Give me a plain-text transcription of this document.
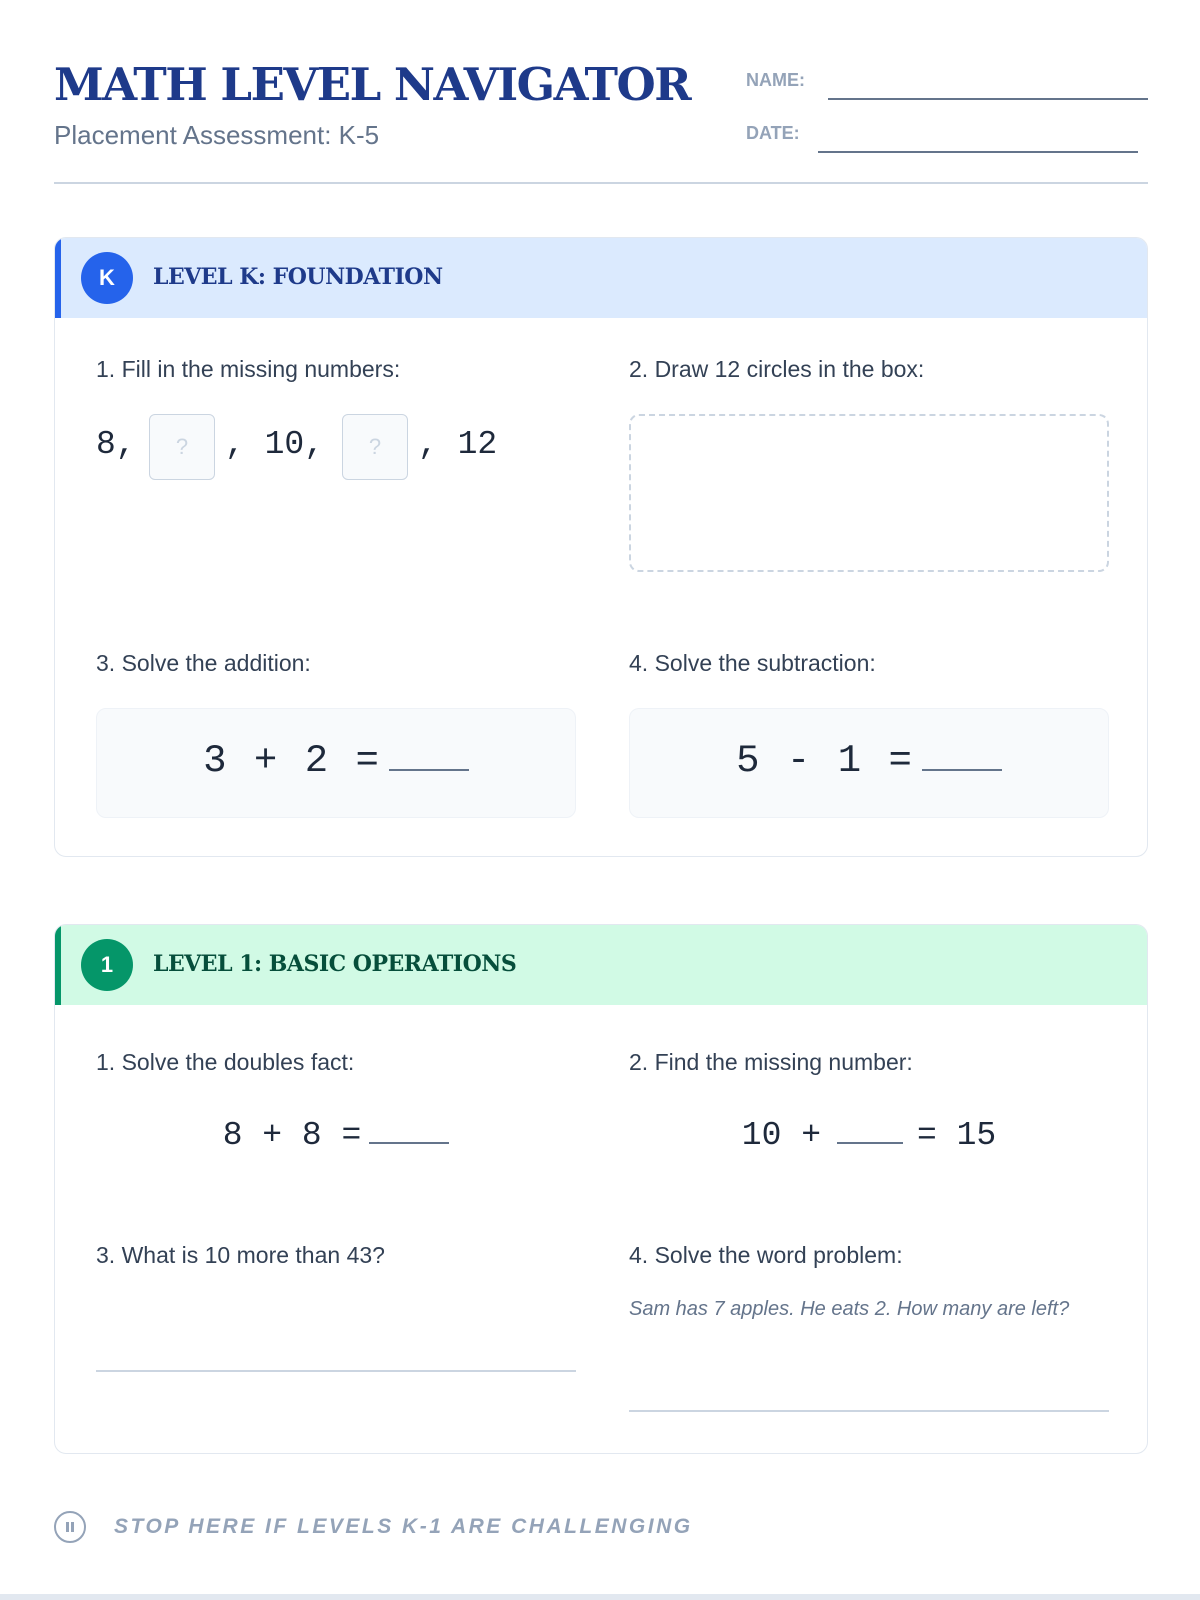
MATH LEVEL NAVIGATOR
Placement Assessment: K-5
NAME:
DATE:
K	LEVEL K: FOUNDATION
1. Fill in the missing numbers:
8,	?	, 10,	?	, 12
2. Draw 12 circles in the box:
3. Solve the addition:
3 + 2 =
4. Solve the subtraction:
5 - 1 =
1	LEVEL 1: BASIC OPERATIONS
1. Solve the doubles fact:
8 + 8 =
2. Find the missing number:
10 +	= 15
3. What is 10 more than 43?	4. Solve the word problem:
Sam has 7 apples. He eats 2. How many are left?
STOP HERE IF LEVELS K-1 ARE CHALLENGING
